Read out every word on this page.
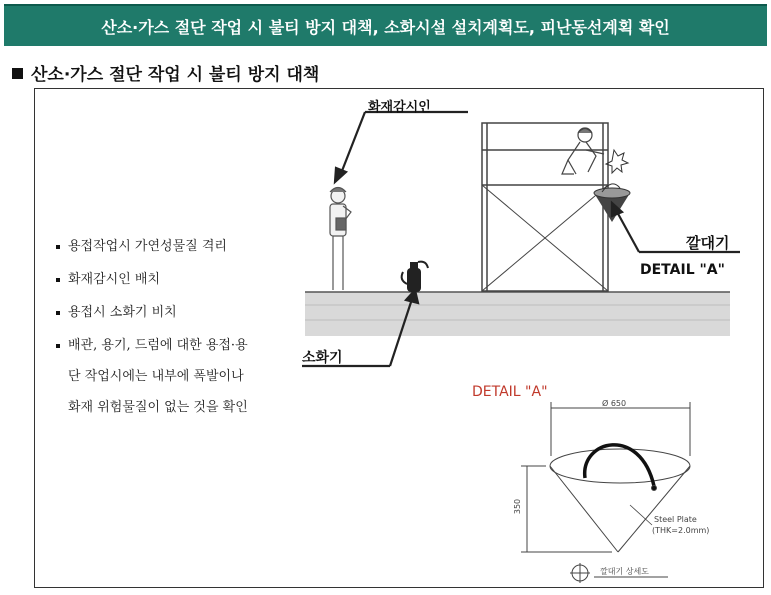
산소·가스 절단 작업 시 불티 방지 대책, 소화시설 설치계획도, 피난동선계획 확인
산소·가스 절단 작업 시 불티 방지 대책
용접작업시 가연성물질 격리
화재감시인 배치
용접시 소화기 비치
배관, 용기, 드럼에 대한 용접·용
단 작업시에는 내부에 폭발이나
화재 위험물질이 없는 것을 확인
화재감시인
소화기
깔대기
DETAIL "A"
DETAIL "A"
Ø 650
350
Steel Plate
(THK=2.0mm)
깔대기 상세도
